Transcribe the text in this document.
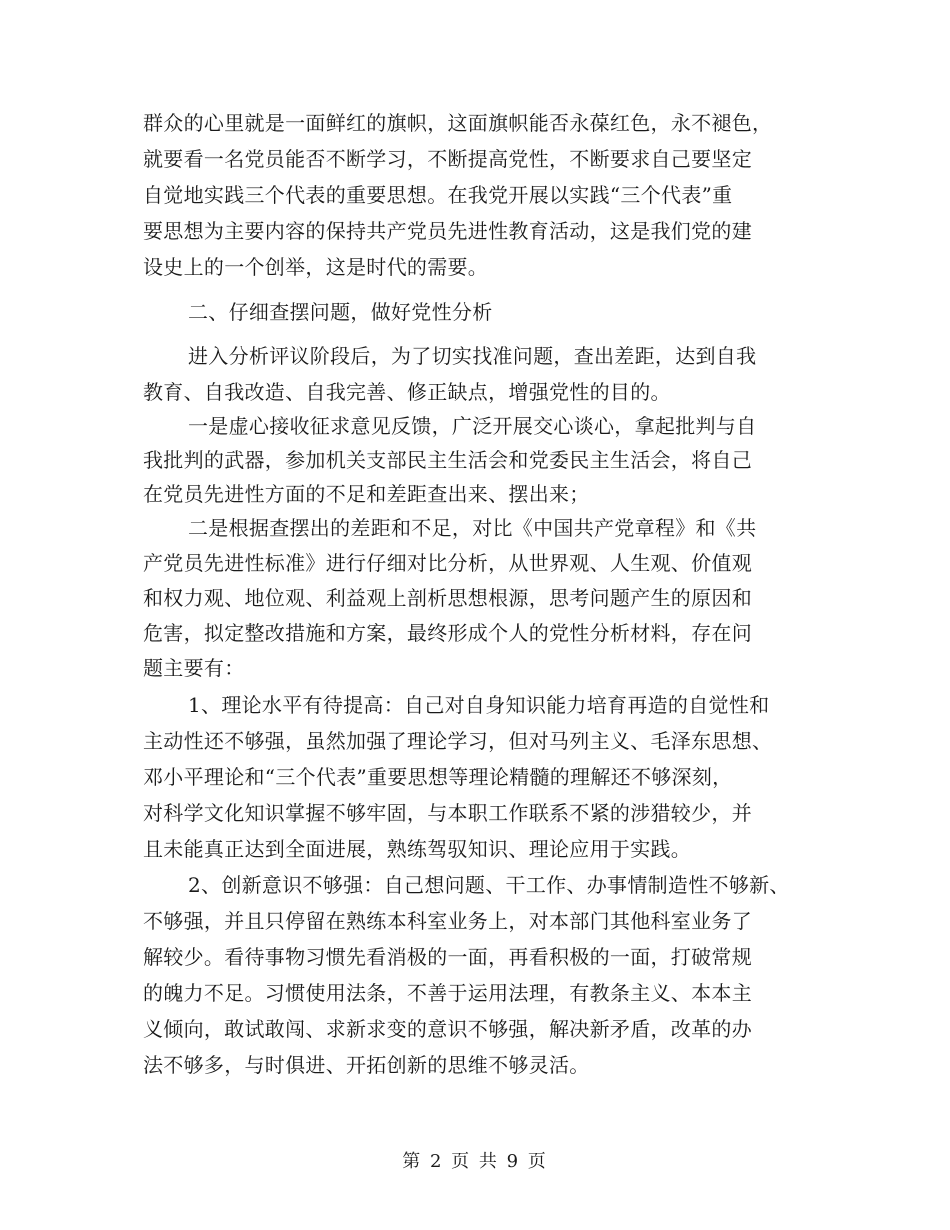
群众的心里就是一面鲜红的旗帜，这面旗帜能否永葆红色，永不褪色，
就要看一名党员能否不断学习，不断提高党性，不断要求自己要坚定
自觉地实践三个代表的重要思想。在我党开展以实践“三个代表”重
要思想为主要内容的保持共产党员先进性教育活动，这是我们党的建
设史上的一个创举，这是时代的需要。
二、仔细查摆问题，做好党性分析
进入分析评议阶段后，为了切实找准问题，查出差距，达到自我
教育、自我改造、自我完善、修正缺点，增强党性的目的。
一是虚心接收征求意见反馈，广泛开展交心谈心，拿起批判与自
我批判的武器，参加机关支部民主生活会和党委民主生活会，将自己
在党员先进性方面的不足和差距查出来、摆出来；
二是根据查摆出的差距和不足，对比《中国共产党章程》和《共
产党员先进性标准》进行仔细对比分析，从世界观、人生观、价值观
和权力观、地位观、利益观上剖析思想根源，思考问题产生的原因和
危害，拟定整改措施和方案，最终形成个人的党性分析材料，存在问
题主要有：
1、理论水平有待提高：自己对自身知识能力培育再造的自觉性和
主动性还不够强，虽然加强了理论学习，但对马列主义、毛泽东思想、
邓小平理论和“三个代表”重要思想等理论精髓的理解还不够深刻，
对科学文化知识掌握不够牢固，与本职工作联系不紧的涉猎较少，并
且未能真正达到全面进展，熟练驾驭知识、理论应用于实践。
2、创新意识不够强：自己想问题、干工作、办事情制造性不够新、
不够强，并且只停留在熟练本科室业务上，对本部门其他科室业务了
解较少。看待事物习惯先看消极的一面，再看积极的一面，打破常规
的魄力不足。习惯使用法条，不善于运用法理，有教条主义、本本主
义倾向，敢试敢闯、求新求变的意识不够强，解决新矛盾，改革的办
法不够多，与时俱进、开拓创新的思维不够灵活。
第 2 页 共 9 页
